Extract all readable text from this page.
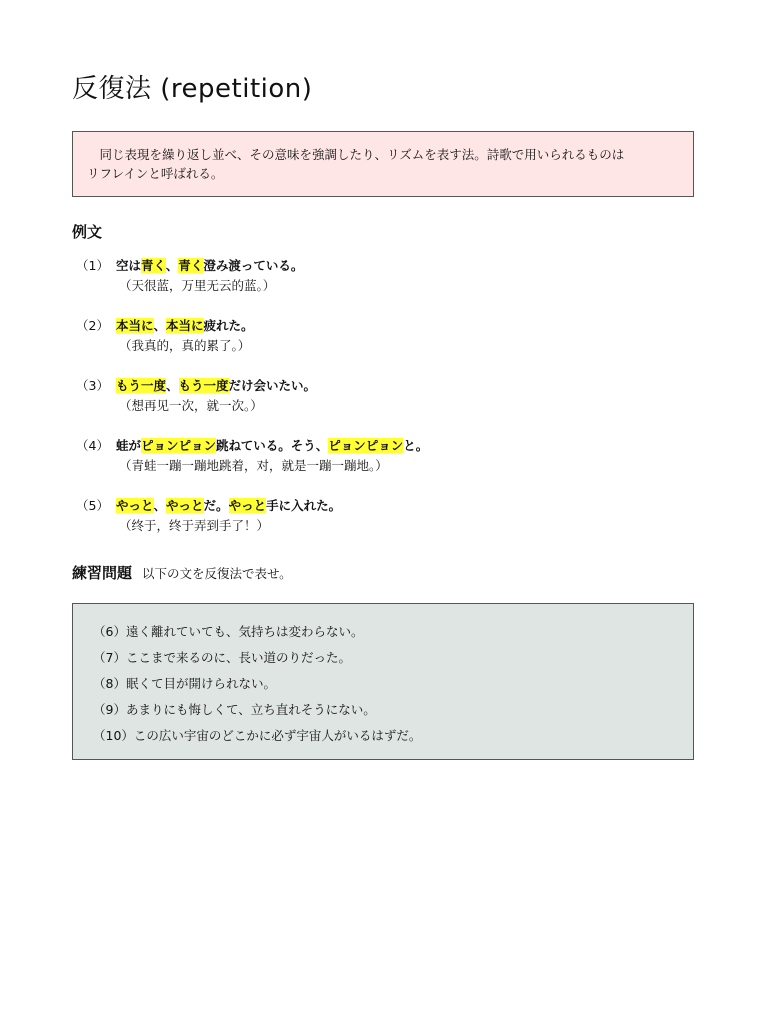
反復法 (repetition)
同じ表現を繰り返し並べ、その意味を強調したり、リズムを表す法。詩歌で用いられるものは
リフレインと呼ばれる。
例文
（1） 空は青く、青く澄み渡っている。
（天很蓝，万里无云的蓝。）
（2） 本当に、本当に疲れた。
（我真的，真的累了。）
（3） もう一度、もう一度だけ会いたい。
（想再见一次，就一次。）
（4） 蛙がピョンピョン跳ねている。そう、ピョンピョンと。
（青蛙一蹦一蹦地跳着，对，就是一蹦一蹦地。）
（5） やっと、やっとだ。やっと手に入れた。
（终于，终于弄到手了！）
練習問題 以下の文を反復法で表せ。
（6）遠く離れていても、気持ちは変わらない。
（7）ここまで来るのに、長い道のりだった。
（8）眠くて目が開けられない。
（9）あまりにも悔しくて、立ち直れそうにない。
（10）この広い宇宙のどこかに必ず宇宙人がいるはずだ。
